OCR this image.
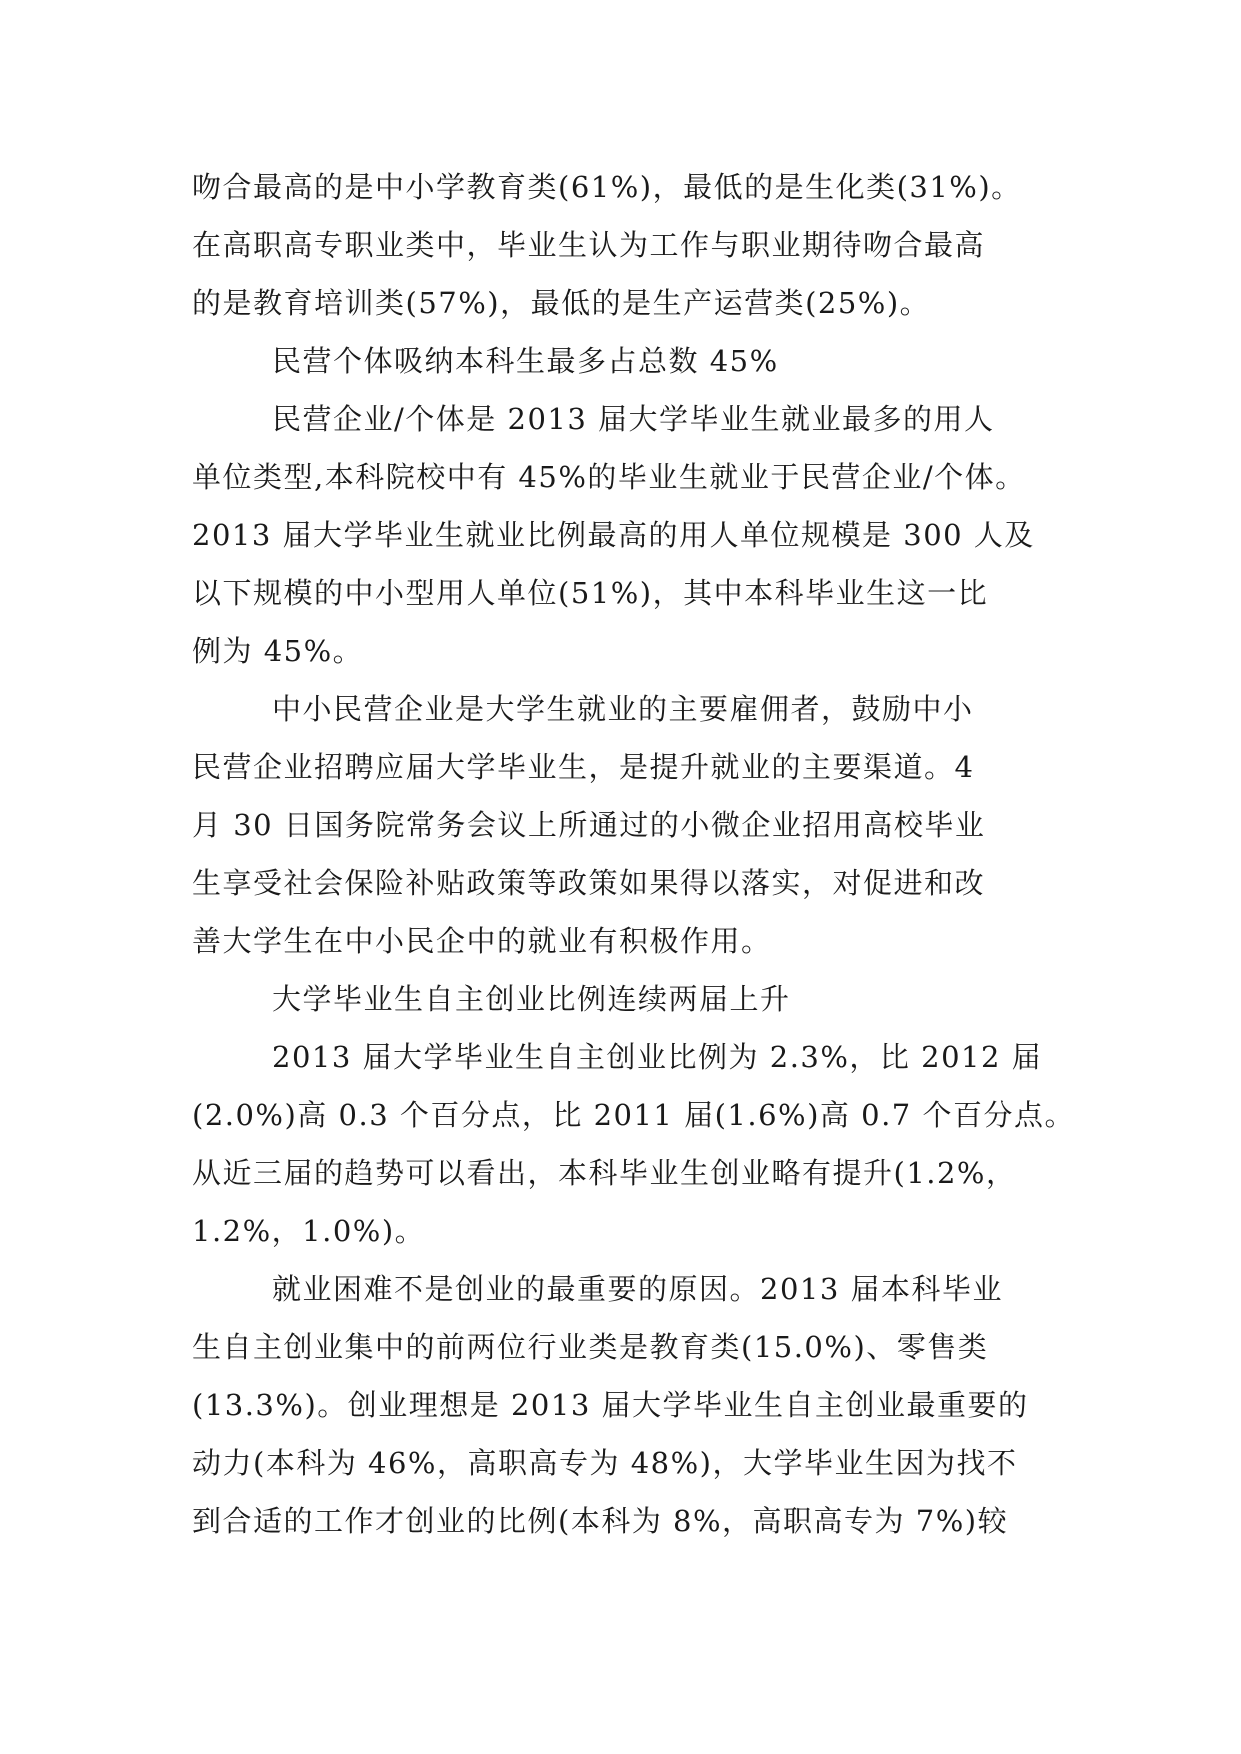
吻合最高的是中小学教育类(61%)，最低的是生化类(31%)。
在高职高专职业类中，毕业生认为工作与职业期待吻合最高
的是教育培训类(57%)，最低的是生产运营类(25%)。
民营个体吸纳本科生最多占总数 45%
民营企业/个体是 2013 届大学毕业生就业最多的用人
单位类型,本科院校中有 45%的毕业生就业于民营企业/个体。
2013 届大学毕业生就业比例最高的用人单位规模是 300 人及
以下规模的中小型用人单位(51%)，其中本科毕业生这一比
例为 45%。
中小民营企业是大学生就业的主要雇佣者，鼓励中小
民营企业招聘应届大学毕业生，是提升就业的主要渠道。4
月 30 日国务院常务会议上所通过的小微企业招用高校毕业
生享受社会保险补贴政策等政策如果得以落实，对促进和改
善大学生在中小民企中的就业有积极作用。
大学毕业生自主创业比例连续两届上升
2013 届大学毕业生自主创业比例为 2.3%，比 2012 届
(2.0%)高 0.3 个百分点，比 2011 届(1.6%)高 0.7 个百分点。
从近三届的趋势可以看出，本科毕业生创业略有提升(1.2%，
1.2%，1.0%)。
就业困难不是创业的最重要的原因。2013 届本科毕业
生自主创业集中的前两位行业类是教育类(15.0%)、零售类
(13.3%)。创业理想是 2013 届大学毕业生自主创业最重要的
动力(本科为 46%，高职高专为 48%)，大学毕业生因为找不
到合适的工作才创业的比例(本科为 8%，高职高专为 7%)较
